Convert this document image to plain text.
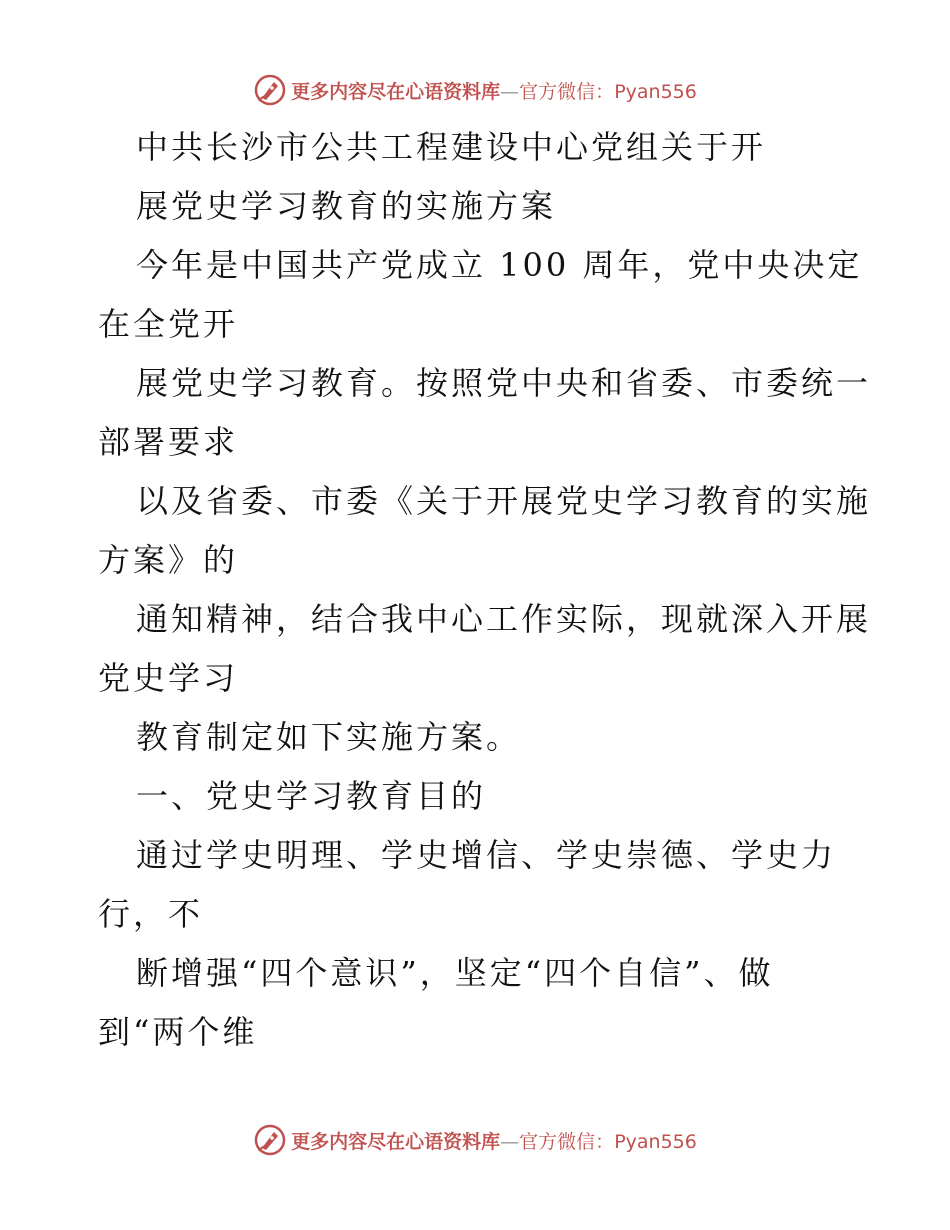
更多内容尽在心语资料库—官方微信：Pyan556
中共长沙市公共工程建设中心党组关于开
展党史学习教育的实施方案
今年是中国共产党成立 100 周年，党中央决定
在全党开
展党史学习教育。按照党中央和省委、市委统一
部署要求
以及省委、市委《关于开展党史学习教育的实施
方案》的
通知精神，结合我中心工作实际，现就深入开展
党史学习
教育制定如下实施方案。
一、党史学习教育目的
通过学史明理、学史增信、学史崇德、学史力
行，不
断增强“四个意识”，坚定“四个自信”、做
到“两个维
更多内容尽在心语资料库—官方微信：Pyan556
